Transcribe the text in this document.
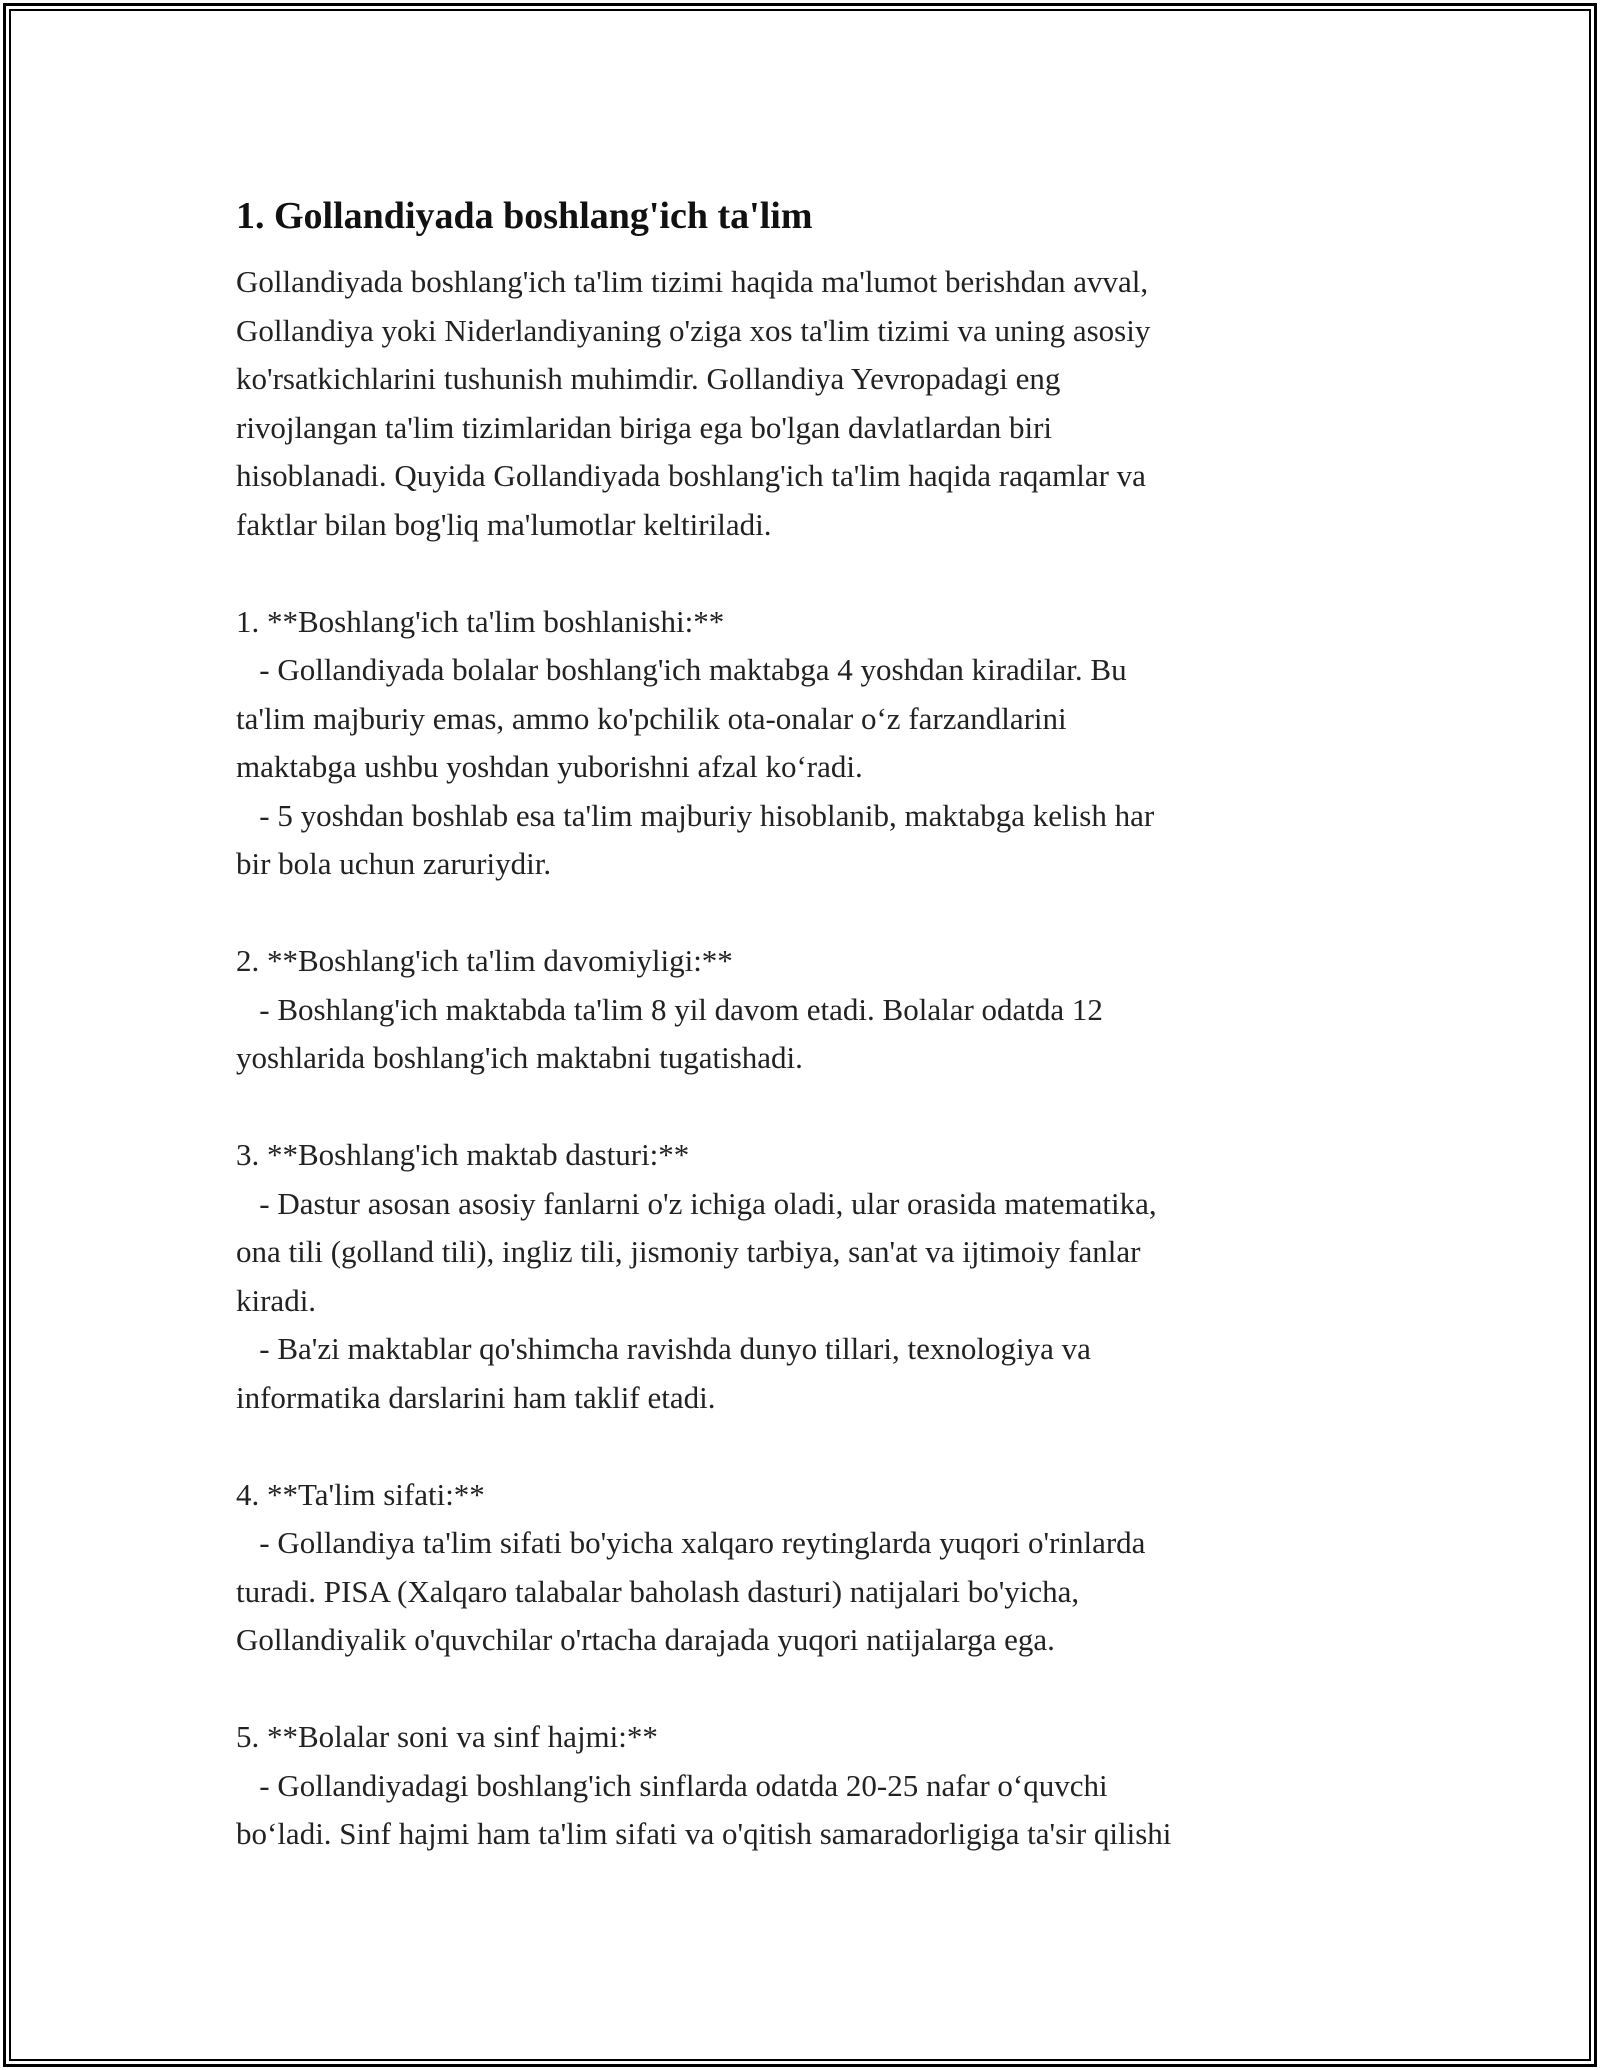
1. Gollandiyada boshlang'ich ta'lim

Gollandiyada boshlang'ich ta'lim tizimi haqida ma'lumot berishdan avval,
Gollandiya yoki Niderlandiyaning o'ziga xos ta'lim tizimi va uning asosiy
ko'rsatkichlarini tushunish muhimdir. Gollandiya Yevropadagi eng
rivojlangan ta'lim tizimlaridan biriga ega bo'lgan davlatlardan biri
hisoblanadi. Quyida Gollandiyada boshlang'ich ta'lim haqida raqamlar va
faktlar bilan bog'liq ma'lumotlar keltiriladi.

1. **Boshlang'ich ta'lim boshlanishi:**
- Gollandiyada bolalar boshlang'ich maktabga 4 yoshdan kiradilar. Bu
ta'lim majburiy emas, ammo ko'pchilik ota-onalar o‘z farzandlarini
maktabga ushbu yoshdan yuborishni afzal ko‘radi.
- 5 yoshdan boshlab esa ta'lim majburiy hisoblanib, maktabga kelish har
bir bola uchun zaruriydir.

2. **Boshlang'ich ta'lim davomiyligi:**
- Boshlang'ich maktabda ta'lim 8 yil davom etadi. Bolalar odatda 12
yoshlarida boshlang'ich maktabni tugatishadi.

3. **Boshlang'ich maktab dasturi:**
- Dastur asosan asosiy fanlarni o'z ichiga oladi, ular orasida matematika,
ona tili (golland tili), ingliz tili, jismoniy tarbiya, san'at va ijtimoiy fanlar
kiradi.
- Ba'zi maktablar qo'shimcha ravishda dunyo tillari, texnologiya va
informatika darslarini ham taklif etadi.

4. **Ta'lim sifati:**
- Gollandiya ta'lim sifati bo'yicha xalqaro reytinglarda yuqori o'rinlarda
turadi. PISA (Xalqaro talabalar baholash dasturi) natijalari bo'yicha,
Gollandiyalik o'quvchilar o'rtacha darajada yuqori natijalarga ega.

5. **Bolalar soni va sinf hajmi:**
- Gollandiyadagi boshlang'ich sinflarda odatda 20-25 nafar o‘quvchi
bo‘ladi. Sinf hajmi ham ta'lim sifati va o'qitish samaradorligiga ta'sir qilishi
